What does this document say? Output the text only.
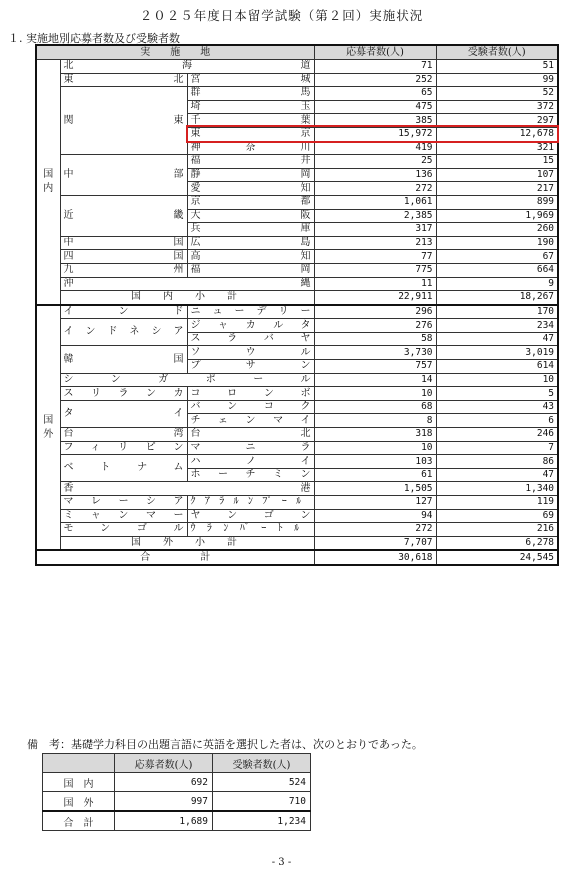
２０２５年度日本留学試験（第２回）実施状況
１. 実施地別応募者数及び受験者数
実　　施　　地			応募者数(人)	受験者数(人)
国内	北　　海　　道		71	51
	東　　　　北	宮　　　城	252	99
	関　　　　東	群　　　馬	65	52
		埼　　　玉	475	372
		千　　　葉	385	297
		東　　　京	15,972	12,678
		神　奈　川	419	321
	中　　　　部	福　　　井	25	15
		静　　　岡	136	107
		愛　　　知	272	217
	近　　　　畿	京　　　都	1,061	899
		大　　　阪	2,385	1,969
		兵　　　庫	317	260
	中　　　　国	広　　　島	213	190
	四　　　　国	高　　　知	77	67
	九　　　　州	福　　　岡	775	664
	沖　　　　縄		11	9
	国　内　小　計		22,911	18,267
国外	イ　ン　ド	ニューデリー	296	170
	インドネシア	ジャカルタ	276	234
		スラバヤ	58	47
	韓　　国	ソウル	3,730	3,019
		プサン	757	614
	シンガポール		14	10
	スリランカ	コロンボ	10	5
	タ　　イ	バンコク	68	43
		チェンマイ	8	6
	台　　湾	台　　北	318	246
	フィリピン	マニラ	10	7
	ベトナム	ハノイ	103	86
		ホーチミン	61	47
	香　　港		1,505	1,340
	マレーシア	ｸｱﾗﾙﾝﾌﾟｰﾙ	127	119
	ミャンマー	ヤンゴン	94	69
	モンゴル	ｳﾗﾝﾊﾞｰﾄﾙ	272	216
	国　外　小　計		7,707	6,278
合　　　　　計			30,618	24,545
備　考：基礎学力科目の出題言語に英語を選択した者は、次のとおりであった。
	応募者数(人)	受験者数(人)
国　内	692	524
国　外	997	710
合　計	1,689	1,234
- 3 -
